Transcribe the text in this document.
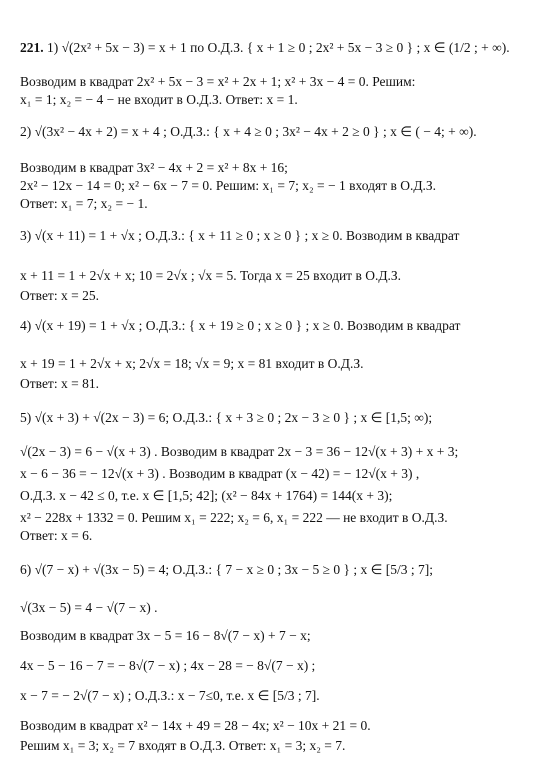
221. 1) √(2x² + 5x − 3) = x + 1 по О.Д.З. { x + 1 ≥ 0 ; 2x² + 5x − 3 ≥ 0 } ; x ∈ (1/2 ; + ∞).
Возводим в квадрат 2x² + 5x − 3 = x² + 2x + 1; x² + 3x − 4 = 0. Решим:
x₁ = 1; x₂ = − 4 − не входит в О.Д.З. Ответ: x = 1.
2) √(3x² − 4x + 2) = x + 4 ; О.Д.З.: { x + 4 ≥ 0 ; 3x² − 4x + 2 ≥ 0 } ; x ∈ ( − 4; + ∞).
Возводим в квадрат 3x² − 4x + 2 = x² + 8x + 16;
2x² − 12x − 14 = 0; x² − 6x − 7 = 0. Решим: x₁ = 7; x₂ = − 1 входят в О.Д.З.
Ответ: x₁ = 7; x₂ = − 1.
3) √(x + 11) = 1 + √x ; О.Д.З.: { x + 11 ≥ 0 ; x ≥ 0 } ; x ≥ 0. Возводим в квадрат
x + 11 = 1 + 2√x + x; 10 = 2√x ; √x = 5. Тогда x = 25 входит в О.Д.З.
Ответ: x = 25.
4) √(x + 19) = 1 + √x ; О.Д.З.: { x + 19 ≥ 0 ; x ≥ 0 } ; x ≥ 0. Возводим в квадрат
x + 19 = 1 + 2√x + x; 2√x = 18; √x = 9; x = 81 входит в О.Д.З.
Ответ: x = 81.
5) √(x + 3) + √(2x − 3) = 6; О.Д.З.: { x + 3 ≥ 0 ; 2x − 3 ≥ 0 } ; x ∈ [1,5; ∞);
√(2x − 3) = 6 − √(x + 3) . Возводим в квадрат 2x − 3 = 36 − 12√(x + 3) + x + 3;
x − 6 − 36 = − 12√(x + 3) . Возводим в квадрат (x − 42) = − 12√(x + 3) ,
О.Д.З. x − 42 ≤ 0, т.е. x ∈ [1,5; 42]; (x² − 84x + 1764) = 144(x + 3);
x² − 228x + 1332 = 0. Решим x₁ = 222; x₂ = 6, x₁ = 222 — не входит в О.Д.З.
Ответ: x = 6.
6) √(7 − x) + √(3x − 5) = 4; О.Д.З.: { 7 − x ≥ 0 ; 3x − 5 ≥ 0 } ; x ∈ [5/3 ; 7];
√(3x − 5) = 4 − √(7 − x) .
Возводим в квадрат 3x − 5 = 16 − 8√(7 − x) + 7 − x;
4x − 5 − 16 − 7 = − 8√(7 − x) ; 4x − 28 = − 8√(7 − x) ;
x − 7 = − 2√(7 − x) ; О.Д.З.: x − 7≤0, т.е. x ∈ [5/3 ; 7].
Возводим в квадрат x² − 14x + 49 = 28 − 4x; x² − 10x + 21 = 0.
Решим x₁ = 3; x₂ = 7 входят в О.Д.З. Ответ: x₁ = 3; x₂ = 7.
